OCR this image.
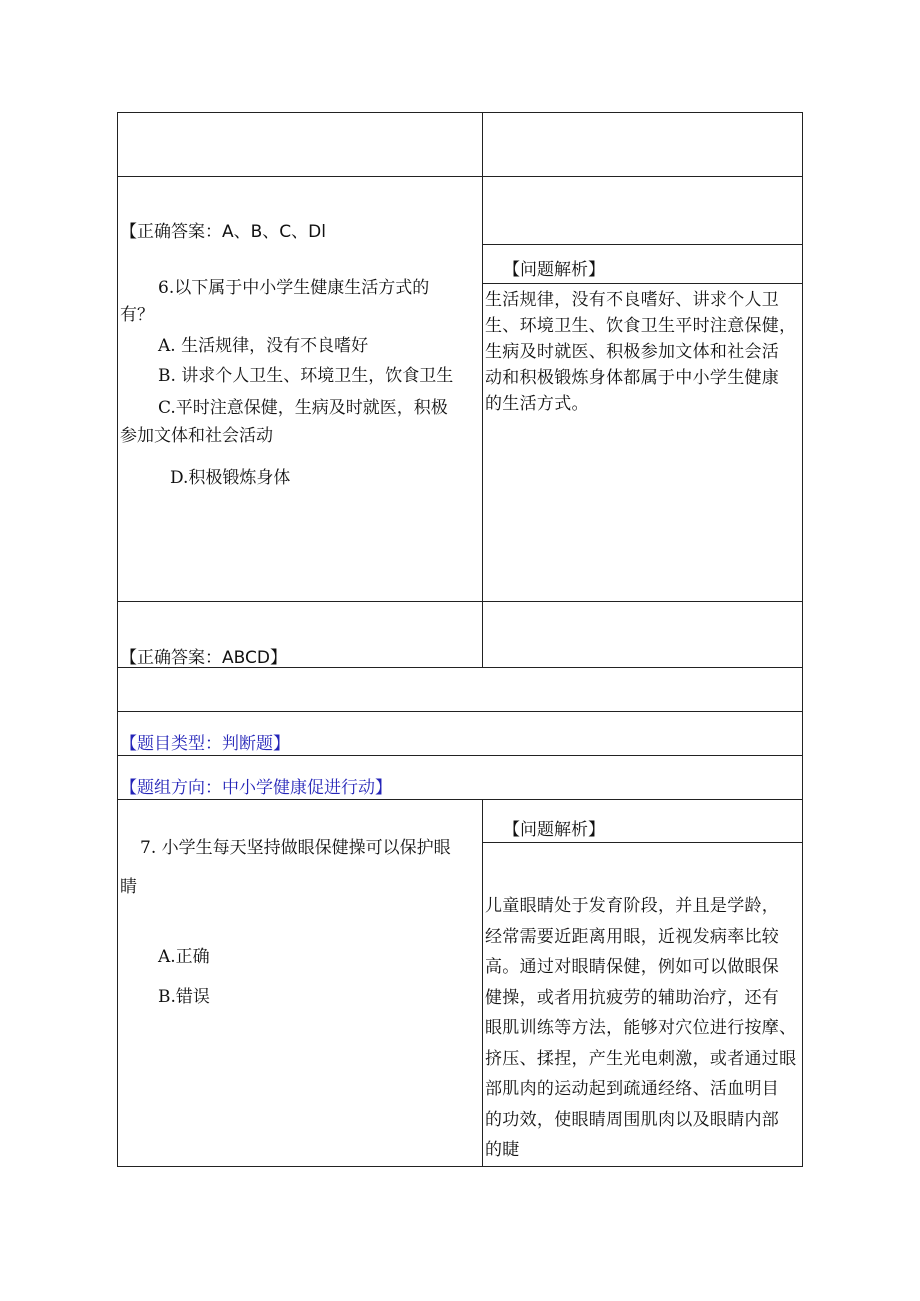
【正确答案：A、B、C、Dl
6.以下属于中小学生健康生活方式的
有？
A. 生活规律，没有不良嗜好
B. 讲求个人卫生、环境卫生，饮食卫生
C.平时注意保健，生病及时就医，积极
参加文体和社会活动
D.积极锻炼身体
【问题解析】
生活规律，没有不良嗜好、讲求个人卫
生、环境卫生、饮食卫生平时注意保健，
生病及时就医、积极参加文体和社会活
动和积极锻炼身体都属于中小学生健康
的生活方式。
【正确答案：ABCD】
【题目类型：判断题】
【题组方向：中小学健康促进行动】
7. 小学生每天坚持做眼保健操可以保护眼
睛
A.正确
B.错误
【问题解析】
儿童眼睛处于发育阶段，并且是学龄，
经常需要近距离用眼，近视发病率比较
高。通过对眼睛保健，例如可以做眼保
健操，或者用抗疲劳的辅助治疗，还有
眼肌训练等方法，能够对穴位进行按摩、
挤压、揉捏，产生光电刺激，或者通过眼
部肌肉的运动起到疏通经络、活血明目
的功效，使眼睛周围肌肉以及眼睛内部
的睫
